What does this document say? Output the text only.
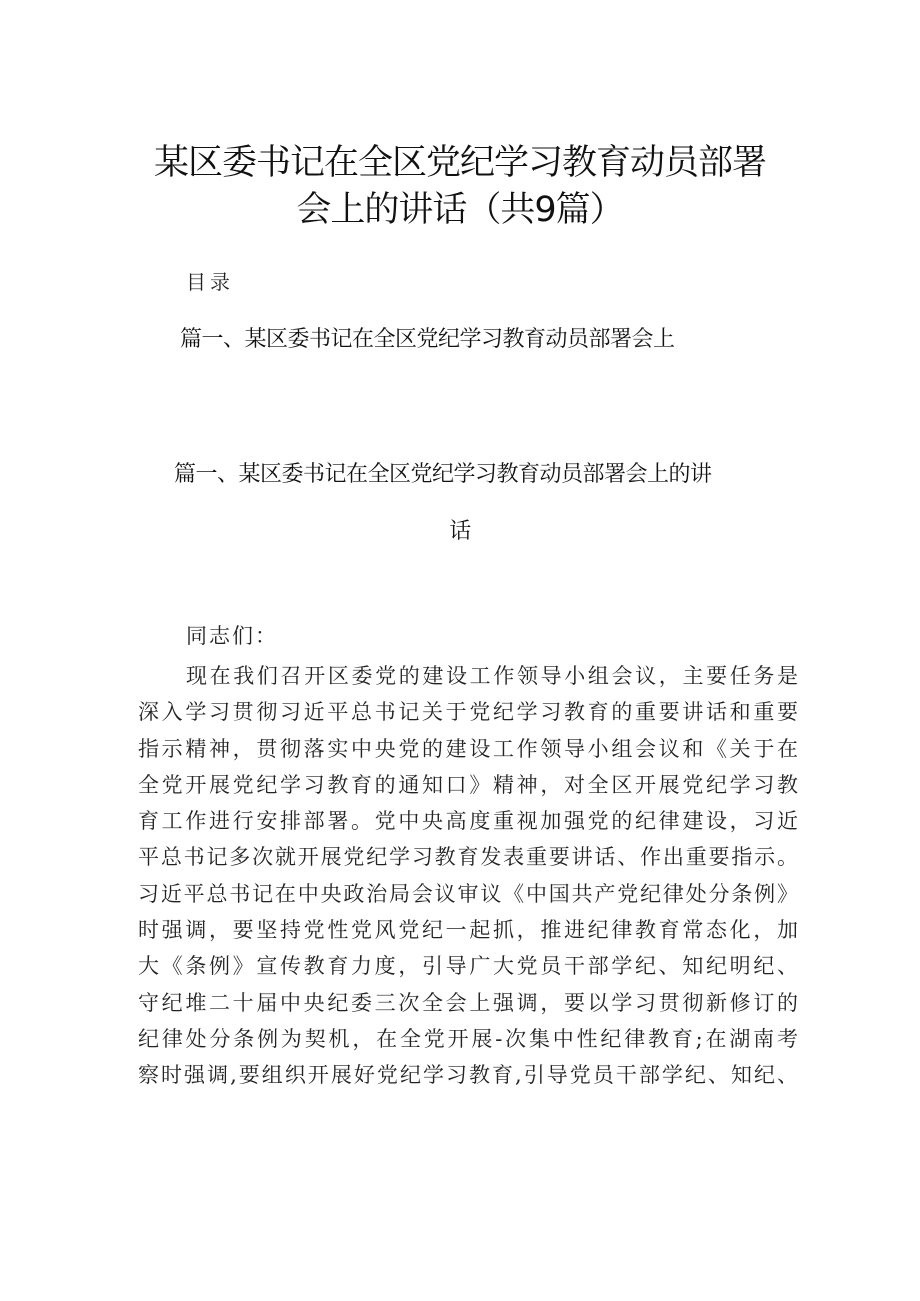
某区委书记在全区党纪学习教育动员部署
会上的讲话（共9篇）
目录
篇一、某区委书记在全区党纪学习教育动员部署会上
篇一、某区委书记在全区党纪学习教育动员部署会上的讲
话
同志们：
现在我们召开区委党的建设工作领导小组会议，主要任务是
深入学习贯彻习近平总书记关于党纪学习教育的重要讲话和重要
指示精神，贯彻落实中央党的建设工作领导小组会议和《关于在
全党开展党纪学习教育的通知口》精神，对全区开展党纪学习教
育工作进行安排部署。党中央高度重视加强党的纪律建设，习近
平总书记多次就开展党纪学习教育发表重要讲话、作出重要指示。
习近平总书记在中央政治局会议审议《中国共产党纪律处分条例》
时强调，要坚持党性党风党纪一起抓，推进纪律教育常态化，加
大《条例》宣传教育力度，引导广大党员干部学纪、知纪明纪、
守纪堆二十届中央纪委三次全会上强调，要以学习贯彻新修订的
纪律处分条例为契机，在全党开展-次集中性纪律教育;在湖南考
察时强调,要组织开展好党纪学习教育,引导党员干部学纪、知纪、
